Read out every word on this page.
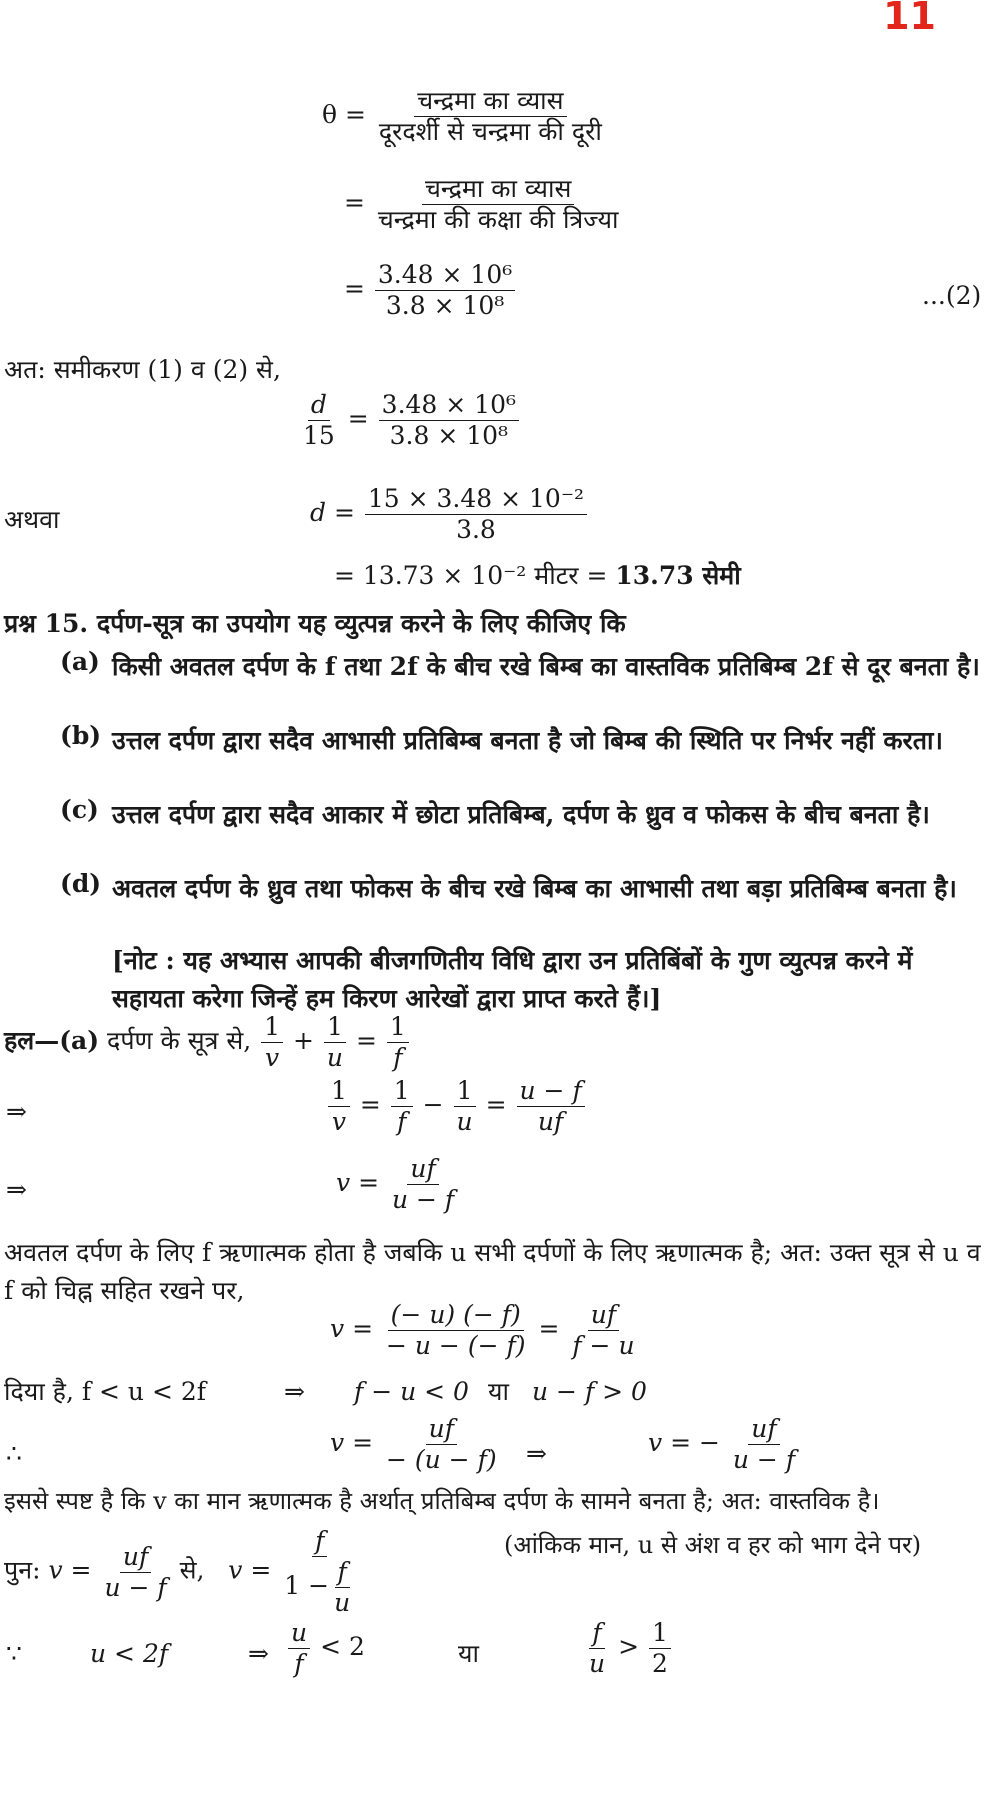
11
$\theta = \frac{\text{चन्द्रमा का व्यास}}{\text{दूरदर्शी से चन्द्रमा की दूरी}}$
= $\frac{\text{चन्द्रमा का व्यास}}{\text{चन्द्रमा की कक्षा की त्रिज्या}}$
= $\frac{\text{3.48 × 10⁶}}{\text{3.8 × 10⁸}}$	...(2)
अत: समीकरण (1) व (2) से,
$\frac{d}{15} = \frac{\text{3.48 × 10⁶}}{\text{3.8 × 10⁸}}$
अथवा	$d = \frac{\text{15 × 3.48 × 10⁻²}}{3.8}$
= 13.73 × 10⁻² मीटर = 13.73 सेमी
प्रश्न 15. दर्पण-सूत्र का उपयोग यह व्युत्पन्न करने के लिए कीजिए कि
(a) किसी अवतल दर्पण के f तथा 2f के बीच रखे बिम्ब का वास्तविक प्रतिबिम्ब 2f से दूर बनता है।
(b) उत्तल दर्पण द्वारा सदैव आभासी प्रतिबिम्ब बनता है जो बिम्ब की स्थिति पर निर्भर नहीं करता।
(c) उत्तल दर्पण द्वारा सदैव आकार में छोटा प्रतिबिम्ब, दर्पण के ध्रुव व फोकस के बीच बनता है।
(d) अवतल दर्पण के ध्रुव तथा फोकस के बीच रखे बिम्ब का आभासी तथा बड़ा प्रतिबिम्ब बनता है।
[नोट : यह अभ्यास आपकी बीजगणितीय विधि द्वारा उन प्रतिबिंबों के गुण व्युत्पन्न करने में सहायता करेगा जिन्हें हम किरण आरेखों द्वारा प्राप्त करते हैं।]
हल—(a) दर्पण के सूत्र से, $\frac{1}{v} + \frac{1}{u} = \frac{1}{f}$
⇒	$\frac{1}{v} = \frac{1}{f} - \frac{1}{u} = \frac{u - f}{uf}$
⇒	$v = \frac{uf}{u - f}$
अवतल दर्पण के लिए f ऋणात्मक होता है जबकि u सभी दर्पणों के लिए ऋणात्मक है; अत: उक्त सूत्र से u व f को चिह्न सहित रखने पर,
$v = \frac{(- u) (- f)}{- u - (- f)} = \frac{uf}{f - u}$
दिया है, f < u < 2f	⇒ f − u < 0 या u − f > 0
∴	$v = \frac{uf}{- (u - f)}$ ⇒	v = − $\frac{uf}{u - f}$
इससे स्पष्ट है कि v का मान ऋणात्मक है अर्थात् प्रतिबिम्ब दर्पण के सामने बनता है; अत: वास्तविक है।
पुन: $v = \frac{uf}{u - f}$ से, $v = \frac{f}{1 - \frac{f}{u}}$	(आंकिक मान, u से अंश व हर को भाग देने पर)
∵	u < 2f	⇒ $\frac{u}{f} < 2$	या	$\frac{f}{u} > \frac{1}{2}$
